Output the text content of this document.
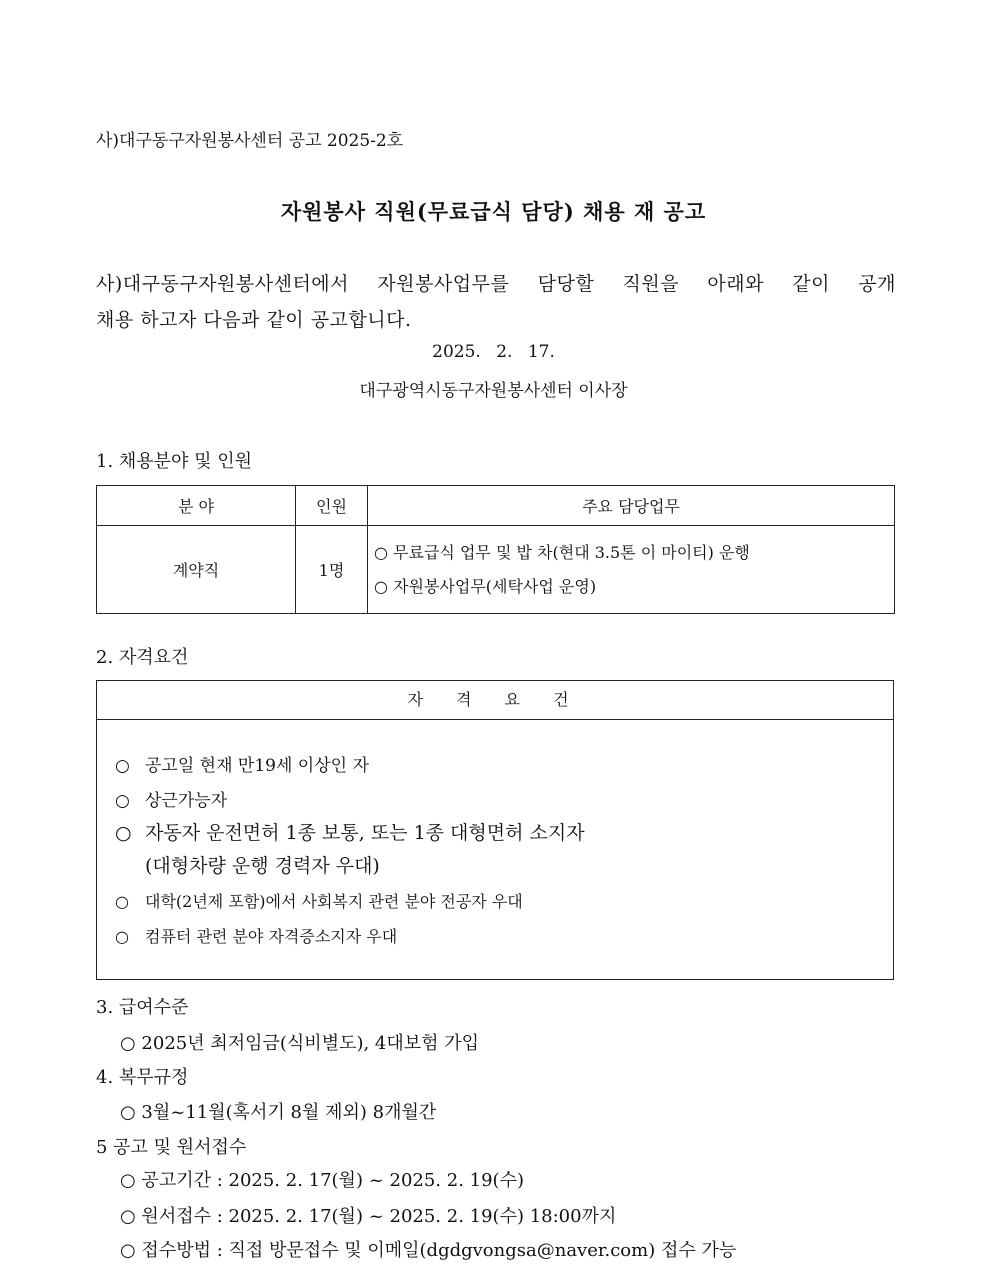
사)대구동구자원봉사센터 공고 2025-2호
자원봉사 직원(무료급식 담당) 채용 재 공고
사)대구동구자원봉사센터에서 자원봉사업무를 담당할 직원을 아래와 같이 공개
채용 하고자 다음과 같이 공고합니다.
2025. 2. 17.
대구광역시동구자원봉사센터 이사장
1. 채용분야 및 인원
분 야	인원	주요 담당업무
계약직	1명	○ 무료급식 업무 및 밥 차(현대 3.5톤 이 마이티) 운행
○ 자원봉사업무(세탁사업 운영)
2. 자격요건
자 격 요 건
○ 공고일 현재 만19세 이상인 자
○ 상근가능자
○ 자동자 운전면허 1종 보통, 또는 1종 대형면허 소지자
(대형차량 운행 경력자 우대)
○ 대학(2년제 포함)에서 사회복지 관련 분야 전공자 우대
○ 컴퓨터 관련 분야 자격증소지자 우대
3. 급여수준
○ 2025년 최저임금(식비별도), 4대보험 가입
4. 복무규정
○ 3월~11월(혹서기 8월 제외) 8개월간
5 공고 및 원서접수
○ 공고기간 : 2025. 2. 17(월) ~ 2025. 2. 19(수)
○ 원서접수 : 2025. 2. 17(월) ~ 2025. 2. 19(수) 18:00까지
○ 접수방법 : 직접 방문접수 및 이메일(dgdgvongsa@naver.com) 접수 가능
